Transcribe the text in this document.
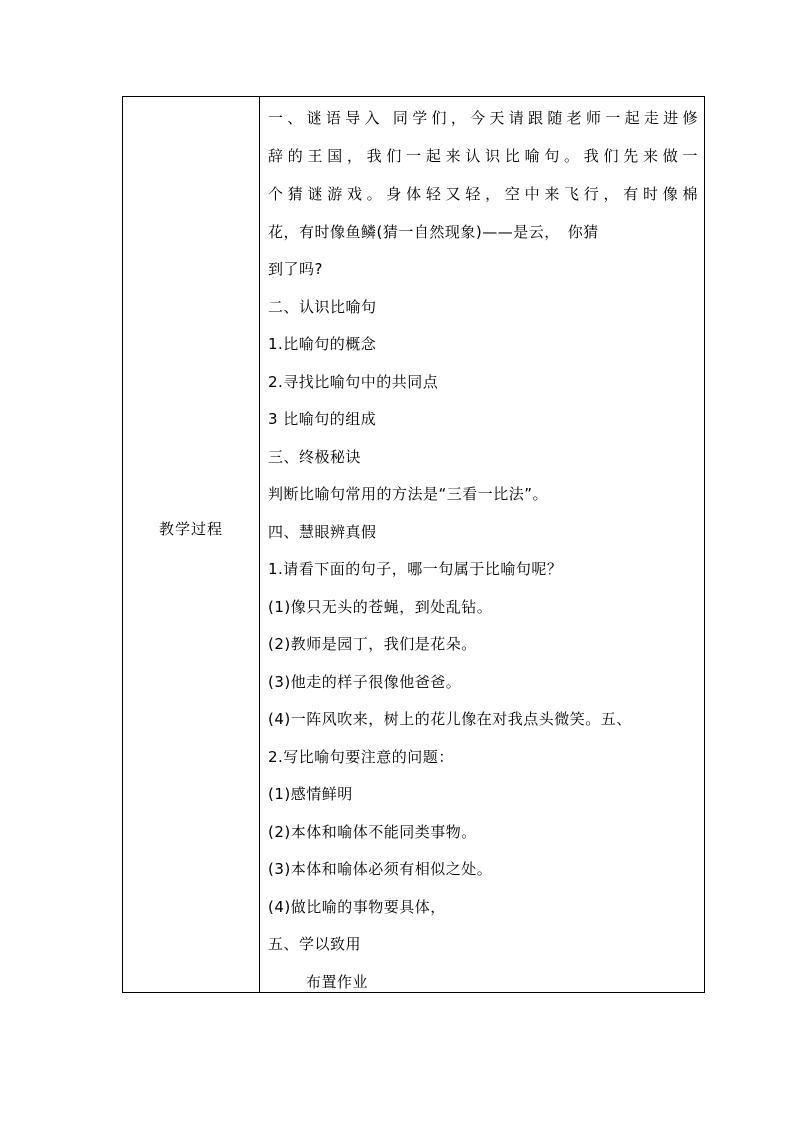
教学过程
一、谜语导入 同学们，今天请跟随老师一起走进修
辞的王国，我们一起来认识比喻句。我们先来做一
个猜谜游戏。身体轻又轻，空中来飞行，有时像棉
花，有时像鱼鳞(猜一自然现象)——是云，　你猜
到了吗?
二、认识比喻句
1.比喻句的概念
2.寻找比喻句中的共同点
3 比喻句的组成
三、终极秘诀
判断比喻句常用的方法是“三看一比法”。
四、慧眼辨真假
1.请看下面的句子，哪一句属于比喻句呢？
(1)像只无头的苍蝇，到处乱钻。
(2)教师是园丁，我们是花朵。
(3)他走的样子很像他爸爸。
(4)一阵风吹来，树上的花儿像在对我点头微笑。五、
2.写比喻句要注意的问题：
(1)感情鲜明
(2)本体和喻体不能同类事物。
(3)本体和喻体必须有相似之处。
(4)做比喻的事物要具体，
五、学以致用
布置作业
